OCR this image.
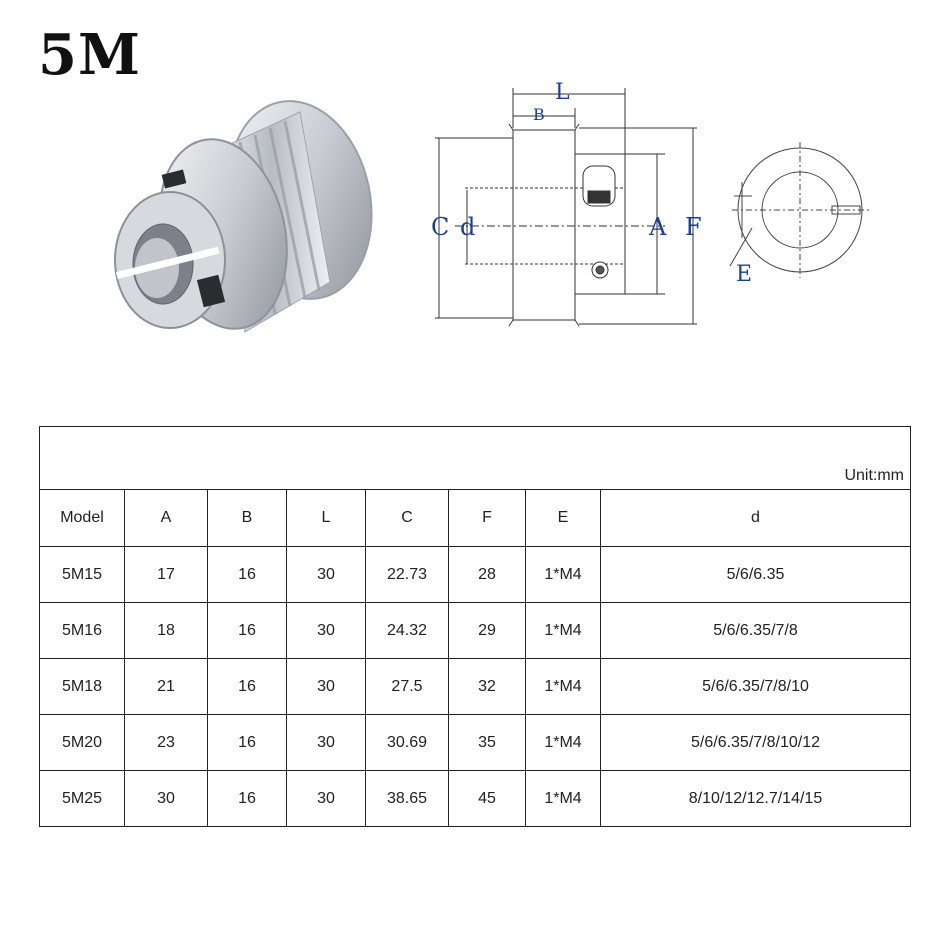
5M
L
B
C d	A F
E
Unit:mm							
Model	A	B	L	C	F	E	d
5M15	17	16	30	22.73	28	1*M4	5/6/6.35
5M16	18	16	30	24.32	29	1*M4	5/6/6.35/7/8
5M18	21	16	30	27.5	32	1*M4	5/6/6.35/7/8/10
5M20	23	16	30	30.69	35	1*M4	5/6/6.35/7/8/10/12
5M25	30	16	30	38.65	45	1*M4	8/10/12/12.7/14/15
